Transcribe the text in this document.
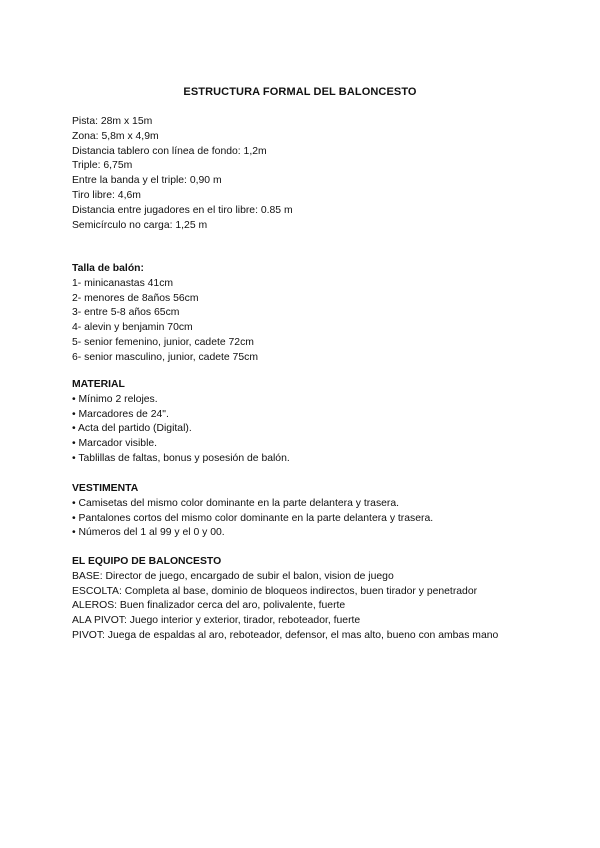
ESTRUCTURA FORMAL DEL BALONCESTO
Pista: 28m x 15m
Zona: 5,8m x 4,9m
Distancia tablero con línea de fondo: 1,2m
Triple: 6,75m
Entre la banda y el triple: 0,90 m
Tiro libre: 4,6m
Distancia entre jugadores en el tiro libre: 0.85 m
Semicírculo no carga: 1,25 m
Talla de balón:
1- minicanastas 41cm
2- menores de 8años 56cm
3- entre 5-8 años 65cm
4- alevin y benjamin 70cm
5- senior femenino, junior, cadete 72cm
6- senior masculino, junior, cadete 75cm
MATERIAL
• Mínimo 2 relojes.
• Marcadores de 24".
• Acta del partido (Digital).
• Marcador visible.
• Tablillas de faltas, bonus y posesión de balón.
VESTIMENTA
• Camisetas del mismo color dominante en la parte delantera y trasera.
• Pantalones cortos del mismo color dominante en la parte delantera y trasera.
• Números del 1 al 99 y el 0 y 00.
EL EQUIPO DE BALONCESTO
BASE: Director de juego, encargado de subir el balon, vision de juego
ESCOLTA: Completa al base, dominio de bloqueos indirectos, buen tirador y penetrador
ALEROS: Buen finalizador cerca del aro, polivalente, fuerte
ALA PIVOT: Juego interior y exterior, tirador, reboteador, fuerte
PIVOT: Juega de espaldas al aro, reboteador, defensor, el mas alto, bueno con ambas mano
